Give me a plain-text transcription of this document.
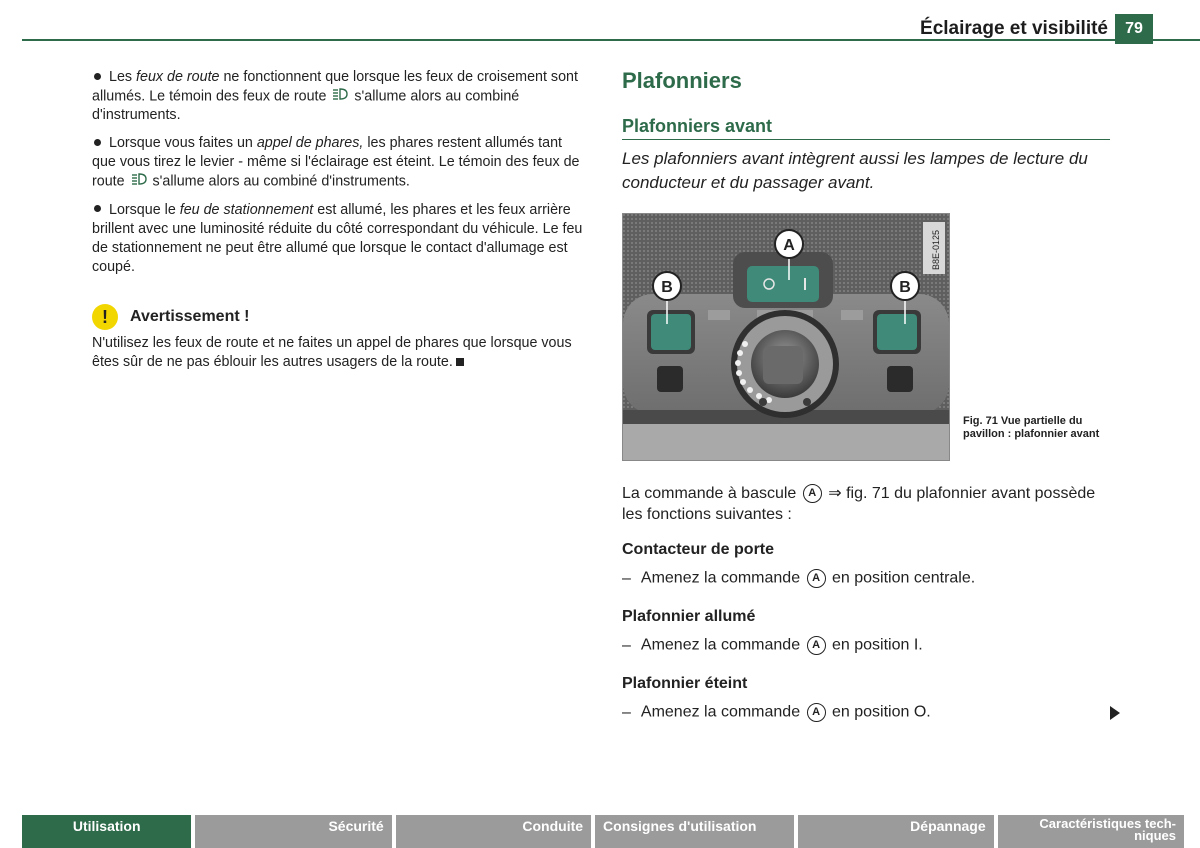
Éclairage et visibilité	79

Les feux de route ne fonctionnent que lorsque les feux de croisement sont allumés. Le témoin des feux de route  s'allume alors au combiné d'instruments.

Lorsque vous faites un appel de phares, les phares restent allumés tant que vous tirez le levier - même si l'éclairage est éteint. Le témoin des feux de route  s'allume alors au combiné d'instruments.

Lorsque le feu de stationnement est allumé, les phares et les feux arrière brillent avec une luminosité réduite du côté correspondant du véhicule. Le feu de stationnement ne peut être allumé que lorsque le contact d'allumage est coupé.

!	Avertissement !
N'utilisez les feux de route et ne faites un appel de phares que lorsque vous êtes sûr de ne pas éblouir les autres usagers de la route.
Plafonniers
Plafonniers avant
Les plafonniers avant intègrent aussi les lampes de lecture du conducteur et du passager avant.
B8E-0125
A
B	B
Fig. 71 Vue partielle du pavillon : plafonnier avant
La commande à bascule A ⇒ fig. 71 du plafonnier avant possède les fonctions suivantes :
Contacteur de porte
– Amenez la commande A en position centrale.
Plafonnier allumé
– Amenez la commande A en position I.
Plafonnier éteint
– Amenez la commande A en position O.
Utilisation	Sécurité	Conduite	Consignes d'utilisation	Dépannage	Caractéristiques tech-
niques
